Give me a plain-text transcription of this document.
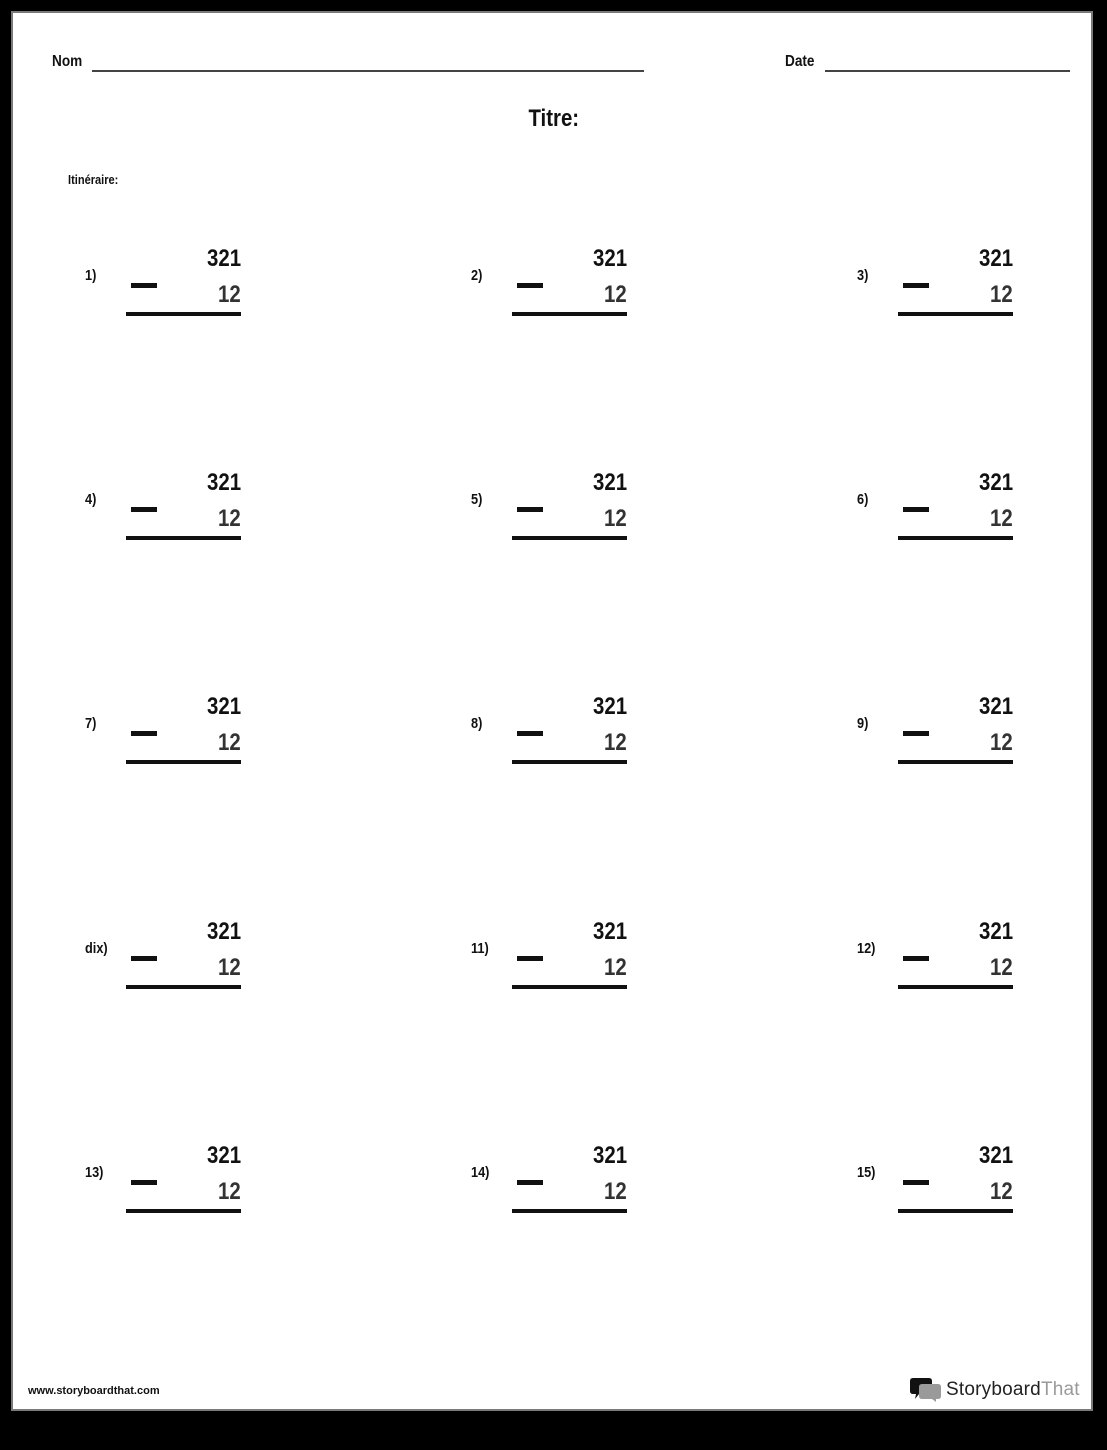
Nom	Date
Titre:
Itinéraire:
1)
321
12
2)
321
12
3)
321
12
4)
321
12
5)
321
12
6)
321
12
7)
321
12
8)
321
12
9)
321
12
dix)
321
12
11)
321
12
12)
321
12
13)
321
12
14)
321
12
15)
321
12
www.storyboardthat.com	StoryboardThat
